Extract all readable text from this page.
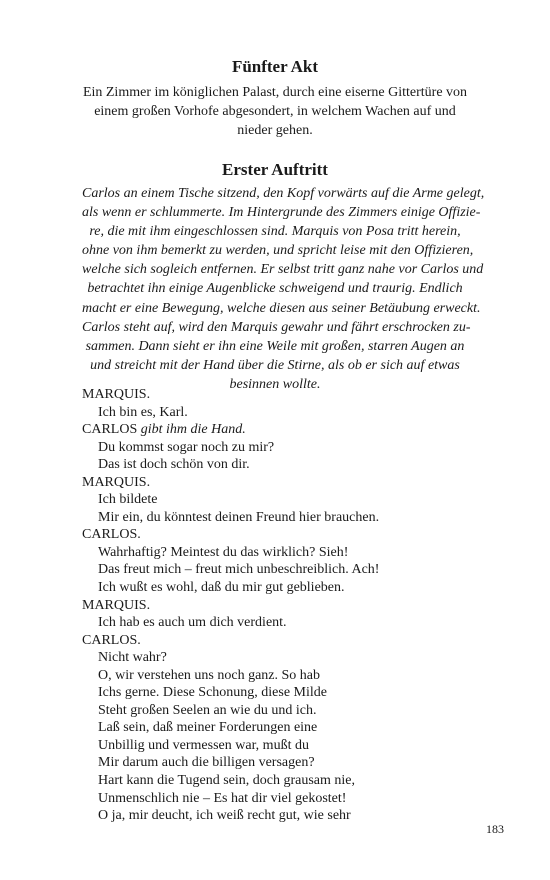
Fünfter Akt
Ein Zimmer im königlichen Palast, durch eine eiserne Gittertüre von
einem großen Vorhofe abgesondert, in welchem Wachen auf und
nieder gehen.
Erster Auftritt
Carlos an einem Tische sitzend, den Kopf vorwärts auf die Arme gelegt,
als wenn er schlummerte. Im Hintergrunde des Zimmers einige Offizie-
re, die mit ihm eingeschlossen sind. Marquis von Posa tritt herein,
ohne von ihm bemerkt zu werden, und spricht leise mit den Offizieren,
welche sich sogleich entfernen. Er selbst tritt ganz nahe vor Carlos und
betrachtet ihn einige Augenblicke schweigend und traurig. Endlich
macht er eine Bewegung, welche diesen aus seiner Betäubung erweckt.
Carlos steht auf, wird den Marquis gewahr und fährt erschrocken zu-
sammen. Dann sieht er ihn eine Weile mit großen, starren Augen an
und streicht mit der Hand über die Stirne, als ob er sich auf etwas
besinnen wollte.
MARQUIS.
Ich bin es, Karl.
CARLOS gibt ihm die Hand.
Du kommst sogar noch zu mir?
Das ist doch schön von dir.
MARQUIS.
Ich bildete
Mir ein, du könntest deinen Freund hier brauchen.
CARLOS.
Wahrhaftig? Meintest du das wirklich? Sieh!
Das freut mich – freut mich unbeschreiblich. Ach!
Ich wußt es wohl, daß du mir gut geblieben.
MARQUIS.
Ich hab es auch um dich verdient.
CARLOS.
Nicht wahr?
O, wir verstehen uns noch ganz. So hab
Ichs gerne. Diese Schonung, diese Milde
Steht großen Seelen an wie du und ich.
Laß sein, daß meiner Forderungen eine
Unbillig und vermessen war, mußt du
Mir darum auch die billigen versagen?
Hart kann die Tugend sein, doch grausam nie,
Unmenschlich nie – Es hat dir viel gekostet!
O ja, mir deucht, ich weiß recht gut, wie sehr
183
